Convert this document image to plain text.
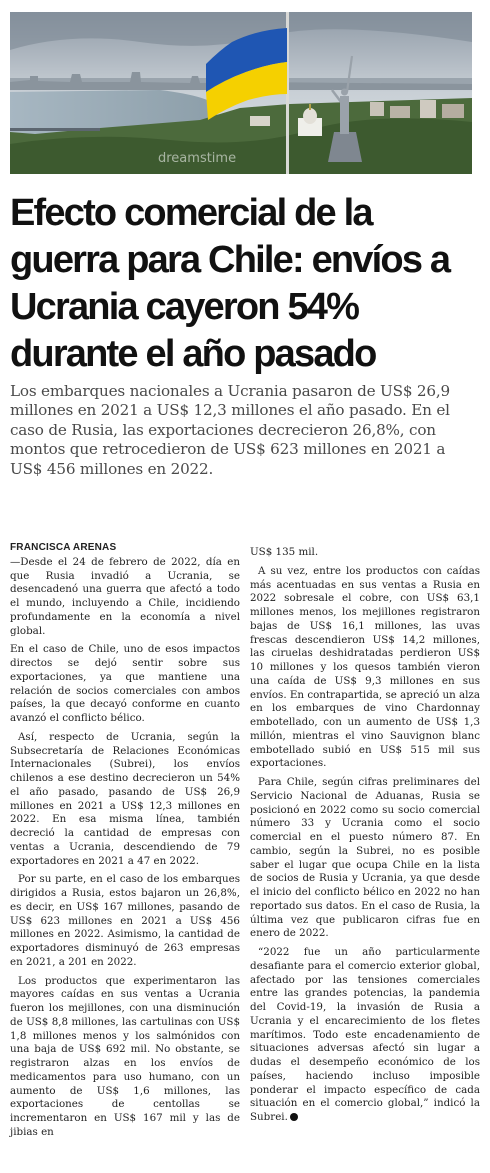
dreamstime
Efecto comercial de la guerra para Chile: envíos a Ucrania cayeron 54% durante el año pasado

Los embarques nacionales a Ucrania pasaron de US$ 26,9 millones en 2021 a US$ 12,3 millones el año pasado. En el caso de Rusia, las exportaciones decrecieron 26,8%, con montos que retrocedieron de US$ 623 millones en 2021 a US$ 456 millones en 2022.

FRANCISCA ARENAS

—Desde el 24 de febrero de 2022, día en que Rusia invadió a Ucrania, se desencadenó una guerra que afectó a todo el mundo, incluyendo a Chile, incidiendo profundamente en la economía a nivel global.

En el caso de Chile, uno de esos impactos directos se dejó sentir sobre sus exportaciones, ya que mantiene una relación de socios comerciales con ambos países, la que decayó conforme en cuanto avanzó el conflicto bélico.

Así, respecto de Ucrania, según la Subsecretaría de Relaciones Económicas Internacionales (Subrei), los envíos chilenos a ese destino decrecieron un 54% el año pasado, pasando de US$ 26,9 millones en 2021 a US$ 12,3 millones en 2022. En esa misma línea, también decreció la cantidad de empresas con ventas a Ucrania, descendiendo de 79 exportadores en 2021 a 47 en 2022.

Por su parte, en el caso de los embarques dirigidos a Rusia, estos bajaron un 26,8%, es decir, en US$ 167 millones, pasando de US$ 623 millones en 2021 a US$ 456 millones en 2022. Asimismo, la cantidad de exportadores disminuyó de 263 empresas en 2021, a 201 en 2022.

Los productos que experimentaron las mayores caídas en sus ventas a Ucrania fueron los mejillones, con una disminución de US$ 8,8 millones, las cartulinas con US$ 1,8 millones menos y los salmónidos con una baja de US$ 692 mil. No obstante, se registraron alzas en los envíos de medicamentos para uso humano, con un aumento de US$ 1,6 millones, las exportaciones de centollas se incrementaron en US$ 167 mil y las de jibias en

US$ 135 mil.

A su vez, entre los productos con caídas más acentuadas en sus ventas a Rusia en 2022 sobresale el cobre, con US$ 63,1 millones menos, los mejillones registraron bajas de US$ 16,1 millones, las uvas frescas descendieron US$ 14,2 millones, las ciruelas deshidratadas perdieron US$ 10 millones y los quesos también vieron una caída de US$ 9,3 millones en sus envíos. En contrapartida, se apreció un alza en los embarques de vino Chardonnay embotellado, con un aumento de US$ 1,3 millón, mientras el vino Sauvignon blanc embotellado subió en US$ 515 mil sus exportaciones.

Para Chile, según cifras preliminares del Servicio Nacional de Aduanas, Rusia se posicionó en 2022 como su socio comercial número 33 y Ucrania como el socio comercial en el puesto número 87. En cambio, según la Subrei, no es posible saber el lugar que ocupa Chile en la lista de socios de Rusia y Ucrania, ya que desde el inicio del conflicto bélico en 2022 no han reportado sus datos. En el caso de Rusia, la última vez que publicaron cifras fue en enero de 2022.

“2022 fue un año particularmente desafiante para el comercio exterior global, afectado por las tensiones comerciales entre las grandes potencias, la pandemia del Covid-19, la invasión de Rusia a Ucrania y el encarecimiento de los fletes marítimos. Todo este encadenamiento de situaciones adversas afectó sin lugar a dudas el desempeño económico de los países, haciendo incluso imposible ponderar el impacto específico de cada situación en el comercio global,” indicó la Subrei.
